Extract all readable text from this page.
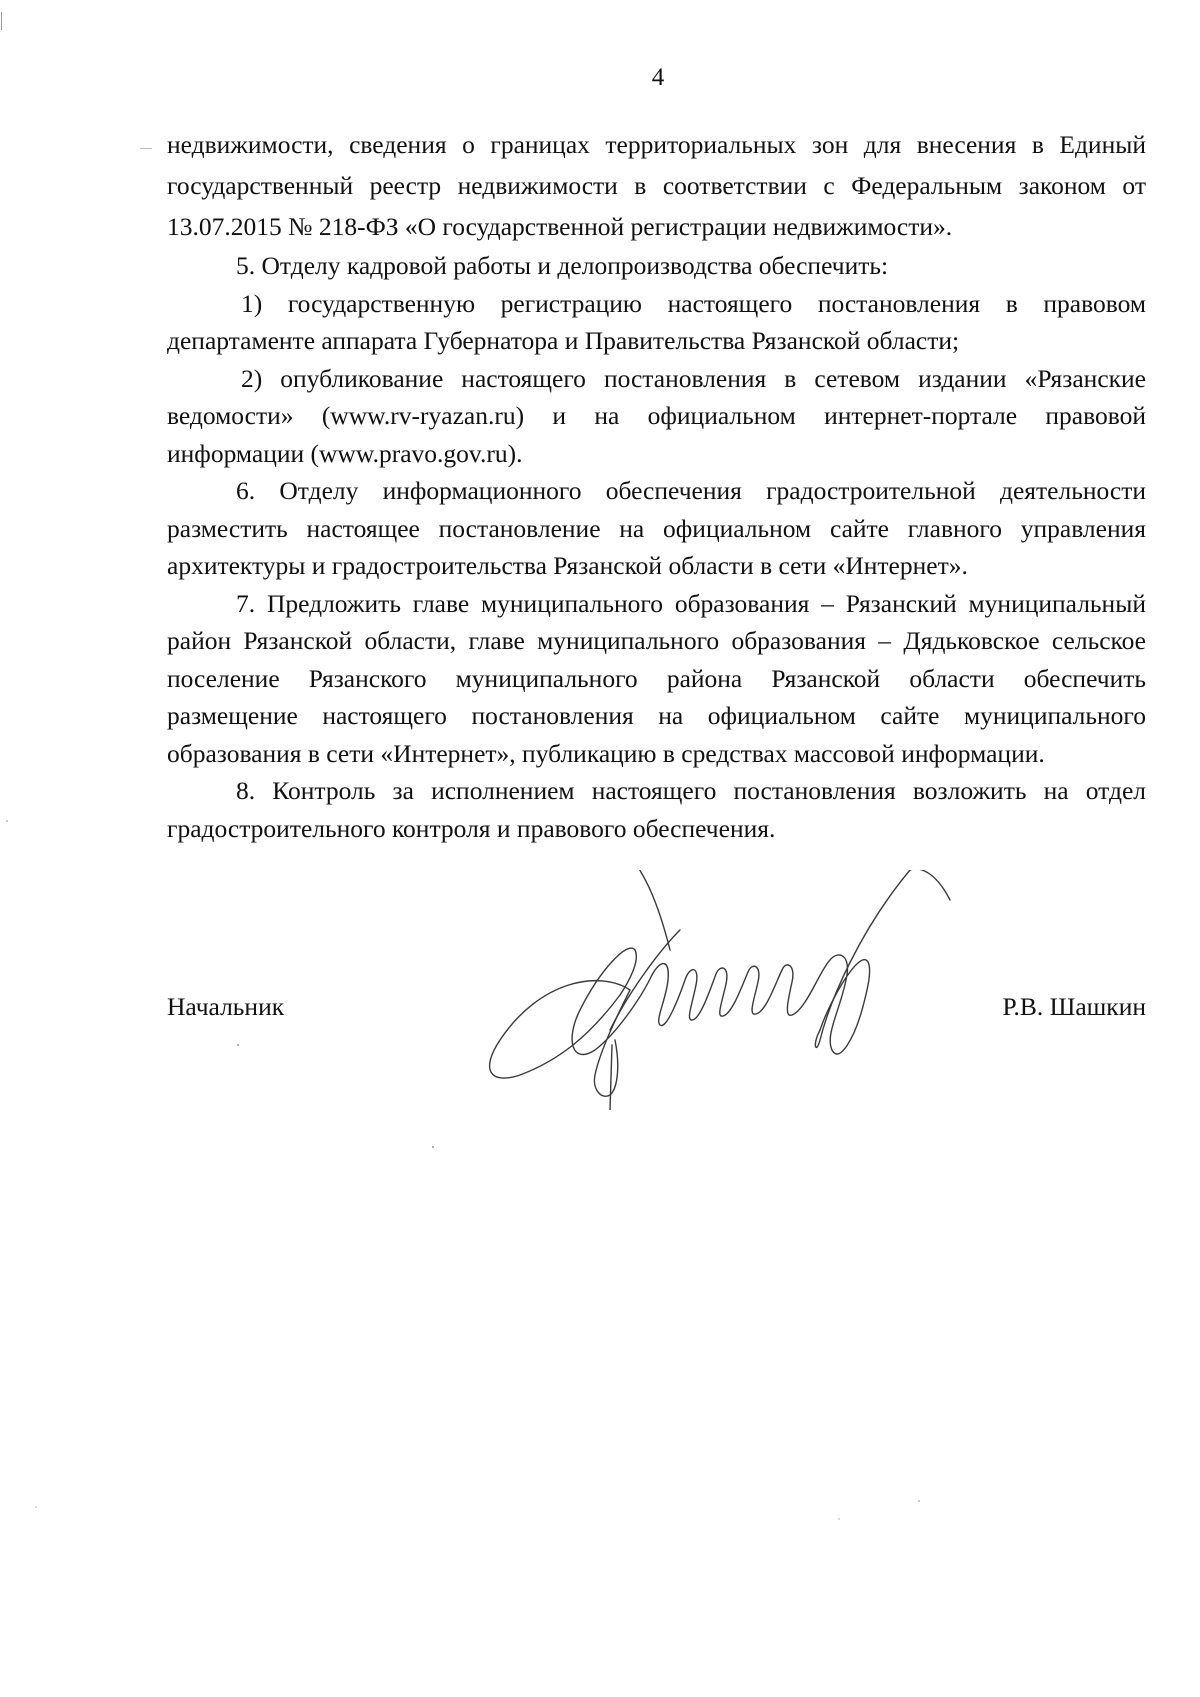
4

недвижимости, сведения о границах территориальных зон для внесения в Единый государственный реестр недвижимости в соответствии с Федеральным законом от 13.07.2015 № 218-ФЗ «О государственной регистрации недвижимости».

5. Отделу кадровой работы и делопроизводства обеспечить:

1) государственную регистрацию настоящего постановления в правовом департаменте аппарата Губернатора и Правительства Рязанской области;

2) опубликование настоящего постановления в сетевом издании «Рязанские ведомости» (www.rv-ryazan.ru) и на официальном интернет-портале правовой информации (www.pravo.gov.ru).

6. Отделу информационного обеспечения градостроительной деятельности разместить настоящее постановление на официальном сайте главного управления архитектуры и градостроительства Рязанской области в сети «Интернет».

7. Предложить главе муниципального образования – Рязанский муниципальный район Рязанской области, главе муниципального образования – Дядьковское сельское поселение Рязанского муниципального района Рязанской области обеспечить размещение настоящего постановления на официальном сайте муниципального образования в сети «Интернет», публикацию в средствах массовой информации.

8. Контроль за исполнением настоящего постановления возложить на отдел градостроительного контроля и правового обеспечения.

Начальник	Р.В. Шашкин
